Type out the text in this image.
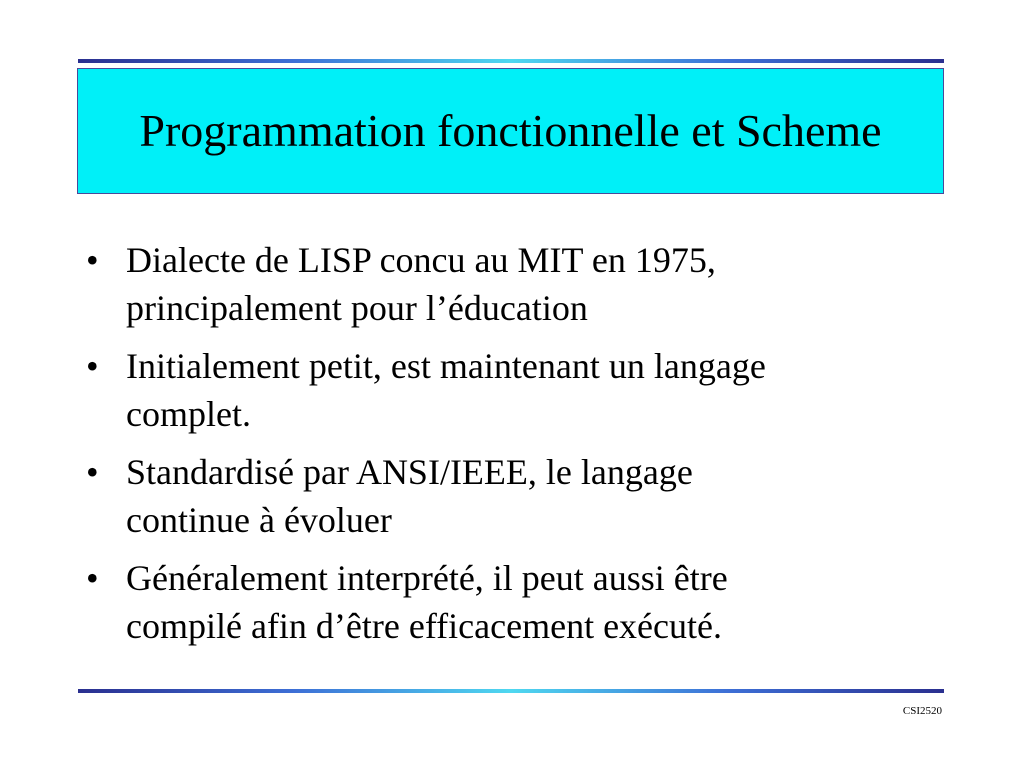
Programmation fonctionnelle et Scheme
• Dialecte de LISP concu au MIT en 1975,
principalement pour l’éducation
• Initialement petit, est maintenant un langage
complet.
• Standardisé par ANSI/IEEE, le langage
continue à évoluer
• Généralement interprété, il peut aussi être
compilé afin d’être efficacement exécuté.
CSI2520
